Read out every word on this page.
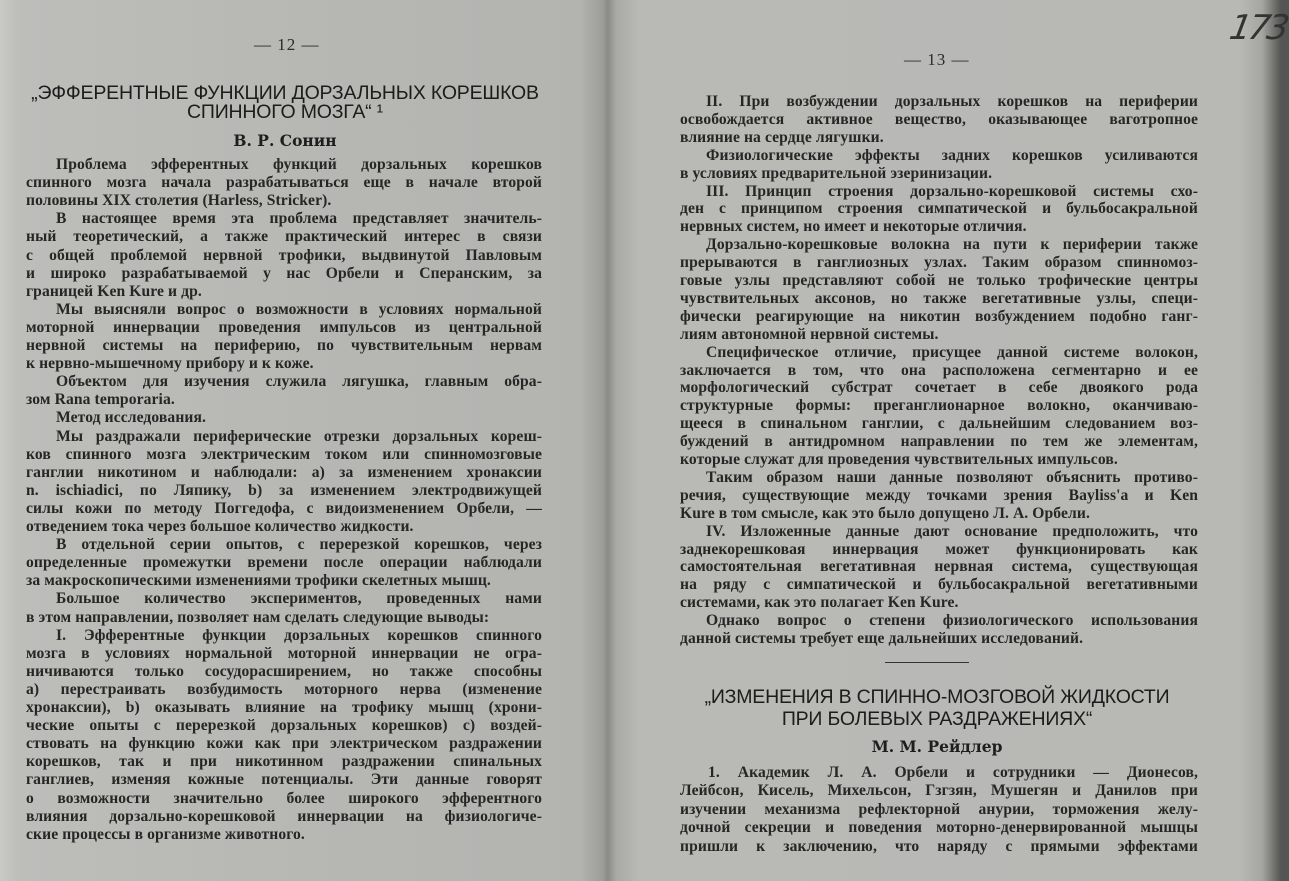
— 12 —
„ЭФФЕРЕНТНЫЕ ФУНКЦИИ ДОРЗАЛЬНЫХ КОРЕШКОВ
СПИННОГО МОЗГА“ ¹
В. Р. Сонин
Проблема эфферентных функций дорзальных корешков
спинного мозга начала разрабатываться еще в начале второй
половины XIX столетия (Harless, Stricker).
В настоящее время эта проблема представляет значитель-
ный теоретический, а также практический интерес в связи
с общей проблемой нервной трофики, выдвинутой Павловым
и широко разрабатываемой у нас Орбели и Сперанским, за
границей Ken Kure и др.
Мы выясняли вопрос о возможности в условиях нормальной
моторной иннервации проведения импульсов из центральной
нервной системы на периферию, по чувствительным нервам
к нервно-мышечному прибору и к коже.
Объектом для изучения служила лягушка, главным обра-
зом Rana temporaria.
Метод исследования.
Мы раздражали периферические отрезки дорзальных кореш-
ков спинного мозга электрическим током или спинномозговые
ганглии никотином и наблюдали: а) за изменением хронаксии
n. ischiadici, по Ляпику, b) за изменением электродвижущей
силы кожи по методу Поггедофа, с видоизменением Орбели, —
отведением тока через большое количество жидкости.
В отдельной серии опытов, с перерезкой корешков, через
определенные промежутки времени после операции наблюдали
за макроскопическими изменениями трофики скелетных мышц.
Большое количество экспериментов, проведенных нами
в этом направлении, позволяет нам сделать следующие выводы:
I. Эфферентные функции дорзальных корешков спинного
мозга в условиях нормальной моторной иннервации не огра-
ничиваются только сосудорасширением, но также способны
а) перестраивать возбудимость моторного нерва (изменение
хронаксии), b) оказывать влияние на трофику мышц (хрони-
ческие опыты с перерезкой дорзальных корешков) с) воздей-
ствовать на функцию кожи как при электрическом раздражении
корешков, так и при никотинном раздражении спинальных
ганглиев, изменяя кожные потенциалы. Эти данные говорят
о возможности значительно более широкого эфферентного
влияния дорзально-корешковой иннервации на физиологиче-
ские процессы в организме животного.
173
— 13 —
II. При возбуждении дорзальных корешков на периферии
освобождается активное вещество, оказывающее ваготропное
влияние на сердце лягушки.
Физиологические эффекты задних корешков усиливаются
в условиях предварительной эзеринизации.
III. Принцип строения дорзально-корешковой системы схо-
ден с принципом строения симпатической и бульбосакральной
нервных систем, но имеет и некоторые отличия.
Дорзально-корешковые волокна на пути к периферии также
прерываются в ганглиозных узлах. Таким образом спинномоз-
говые узлы представляют собой не только трофические центры
чувствительных аксонов, но также вегетативные узлы, специ-
фически реагирующие на никотин возбуждением подобно ганг-
лиям автономной нервной системы.
Специфическое отличие, присущее данной системе волокон,
заключается в том, что она расположена сегментарно и ее
морфологический субстрат сочетает в себе двоякого рода
структурные формы: преганглионарное волокно, оканчиваю-
щееся в спинальном ганглии, с дальнейшим следованием воз-
буждений в антидромном направлении по тем же элементам,
которые служат для проведения чувствительных импульсов.
Таким образом наши данные позволяют объяснить противо-
речия, существующие между точками зрения Bayliss'а и Ken
Kure в том смысле, как это было допущено Л. А. Орбели.
IV. Изложенные данные дают основание предположить, что
заднекорешковая иннервация может функционировать как
самостоятельная вегетативная нервная система, существующая
на ряду с симпатической и бульбосакральной вегетативными
системами, как это полагает Ken Kure.
Однако вопрос о степени физиологического использования
данной системы требует еще дальнейших исследований.
„ИЗМЕНЕНИЯ В СПИННО-МОЗГОВОЙ ЖИДКОСТИ
ПРИ БОЛЕВЫХ РАЗДРАЖЕНИЯХ“
М. М. Рейдлер
1. Академик Л. А. Орбели и сотрудники — Дионесов,
Лейбсон, Кисель, Михельсон, Гзгзян, Мушегян и Данилов при
изучении механизма рефлекторной анурии, торможения желу-
дочной секреции и поведения моторно-денервированной мышцы
пришли к заключению, что наряду с прямыми эффектами
